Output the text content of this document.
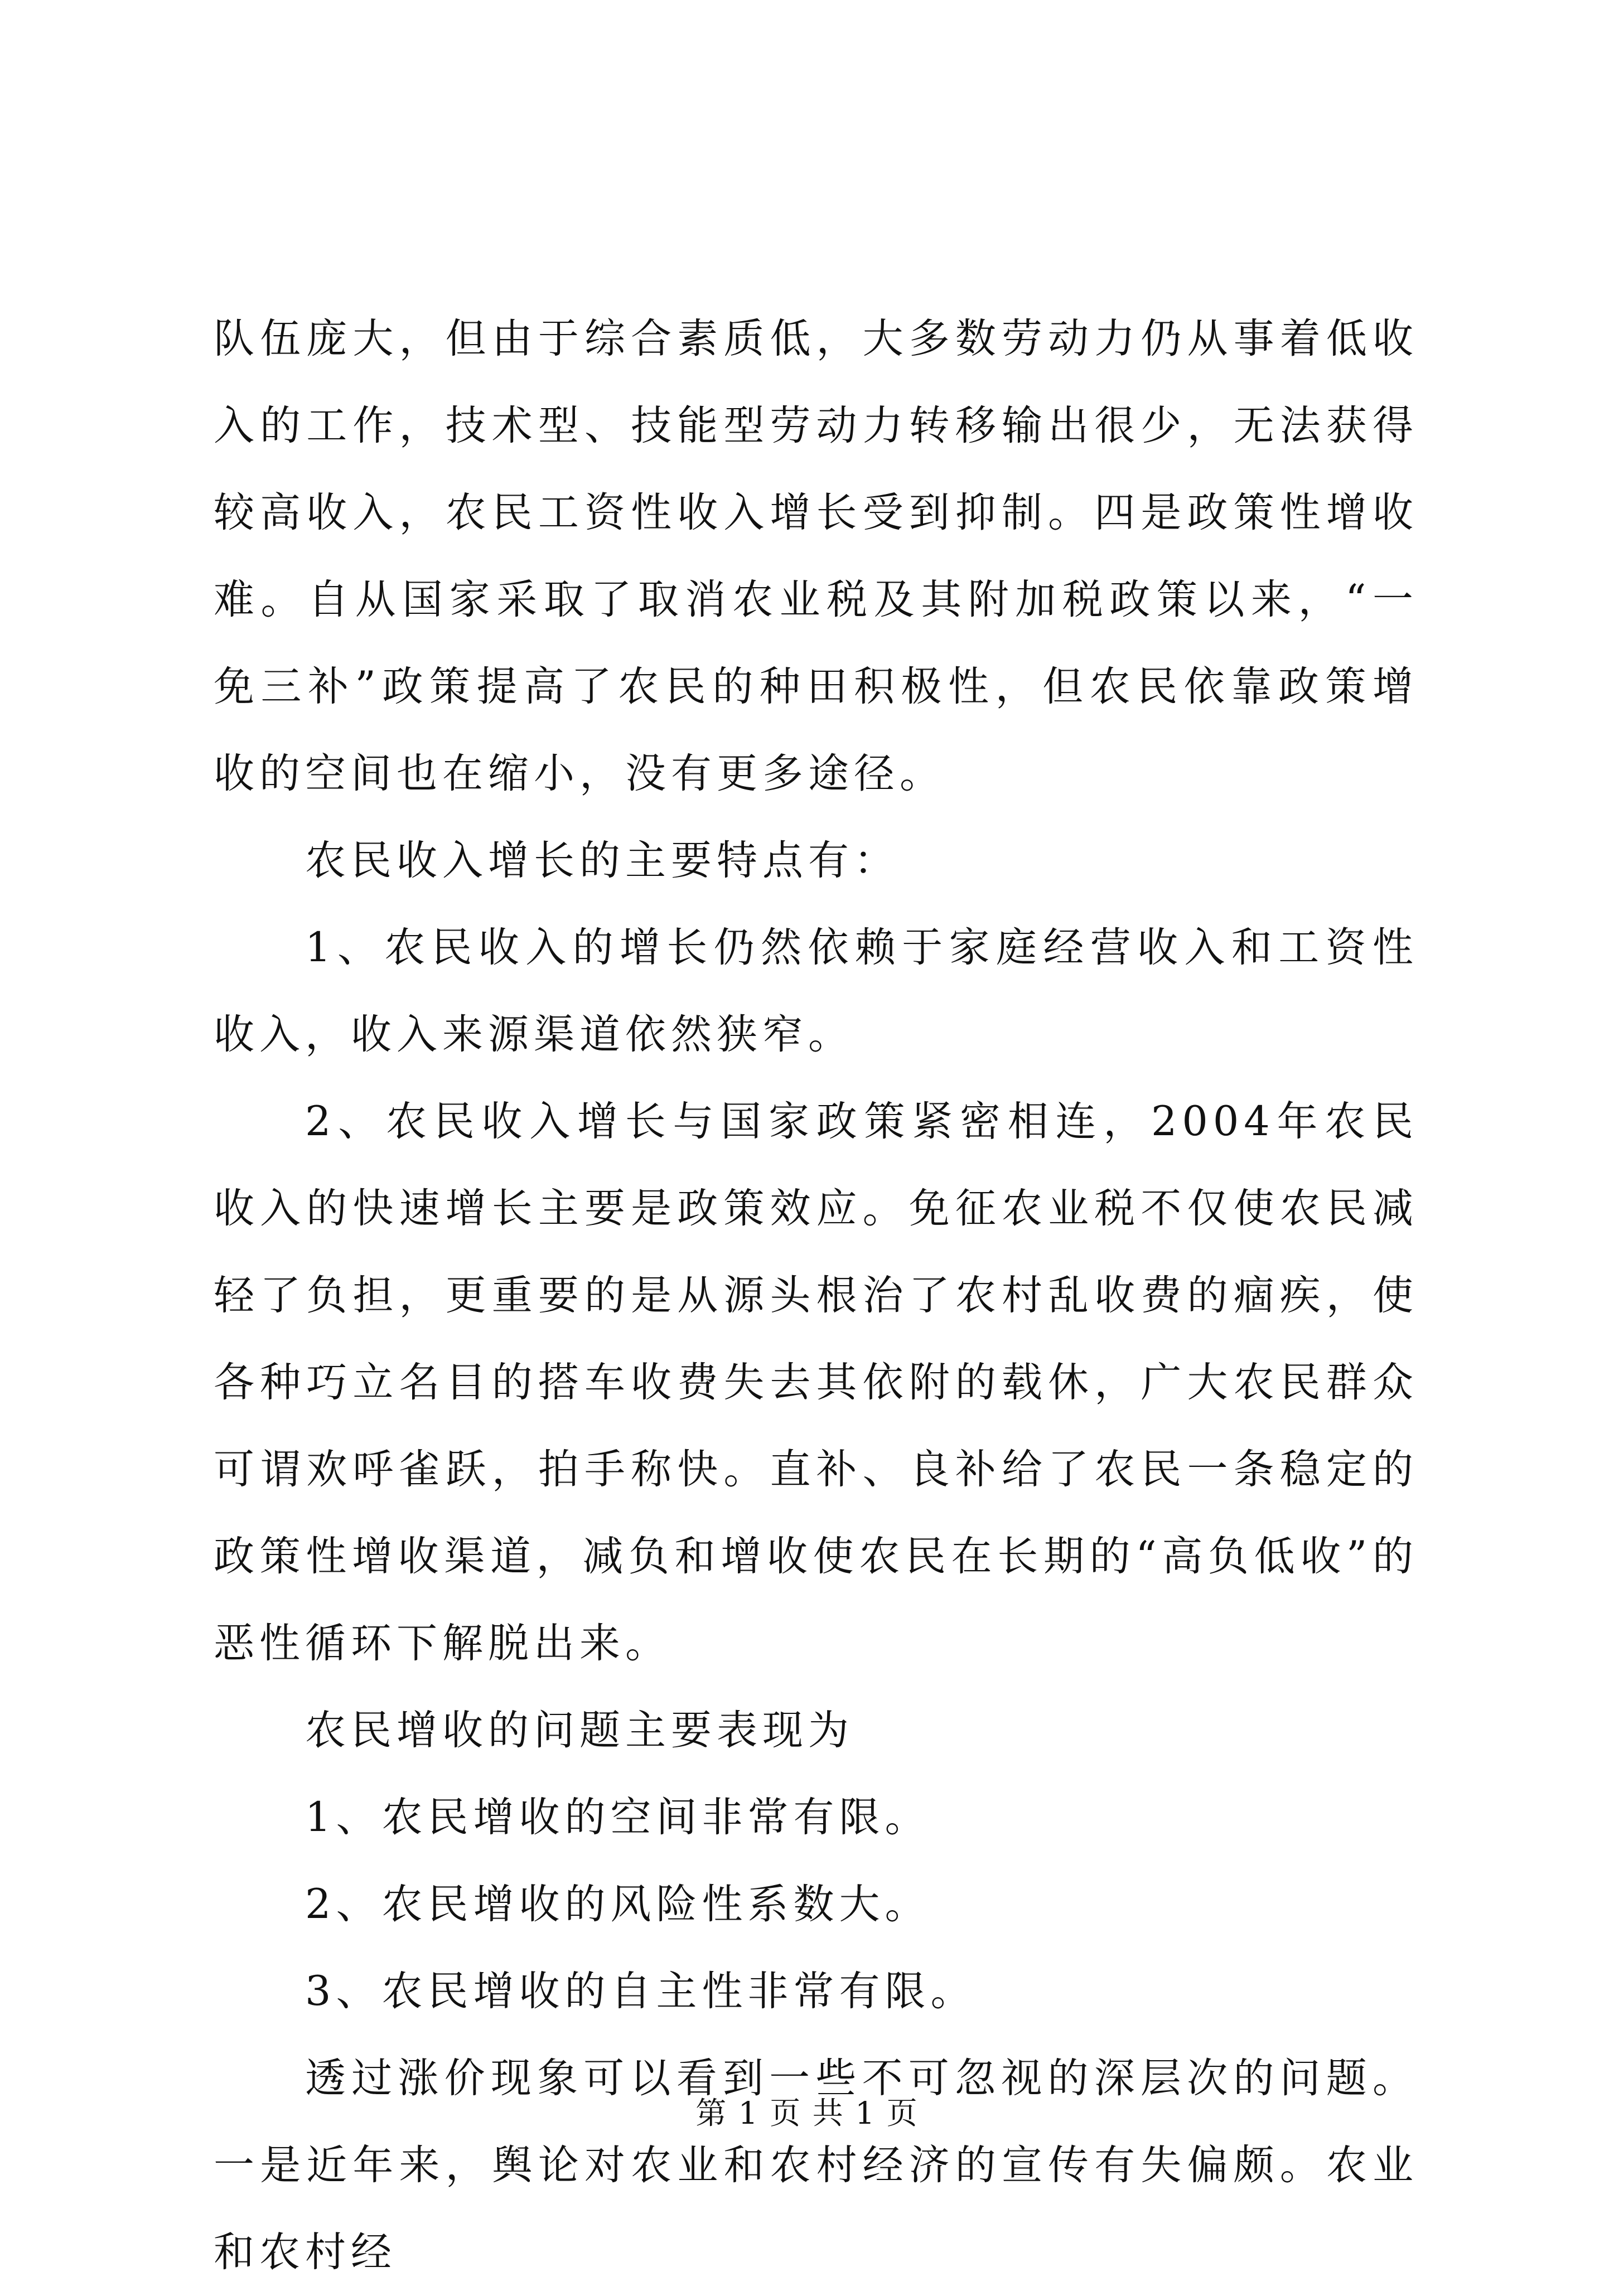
队伍庞大，但由于综合素质低，大多数劳动力仍从事着低收入的工作，技术型、技能型劳动力转移输出很少，无法获得较高收入，农民工资性收入增长受到抑制。四是政策性增收难。自从国家采取了取消农业税及其附加税政策以来，“一免三补”政策提高了农民的种田积极性，但农民依靠政策增收的空间也在缩小，没有更多途径。

农民收入增长的主要特点有：

1、农民收入的增长仍然依赖于家庭经营收入和工资性收入，收入来源渠道依然狭窄。

2、农民收入增长与国家政策紧密相连，2004年农民收入的快速增长主要是政策效应。免征农业税不仅使农民减轻了负担，更重要的是从源头根治了农村乱收费的痼疾，使各种巧立名目的搭车收费失去其依附的载休，广大农民群众可谓欢呼雀跃，拍手称快。直补、良补给了农民一条稳定的政策性增收渠道，减负和增收使农民在长期的“高负低收”的恶性循环下解脱出来。

农民增收的问题主要表现为

1、农民增收的空间非常有限。

2、农民增收的风险性系数大。

3、农民增收的自主性非常有限。

透过涨价现象可以看到一些不可忽视的深层次的问题。一是近年来，舆论对农业和农村经济的宣传有失偏颇。农业和农村经

第 1 页 共 1 页
